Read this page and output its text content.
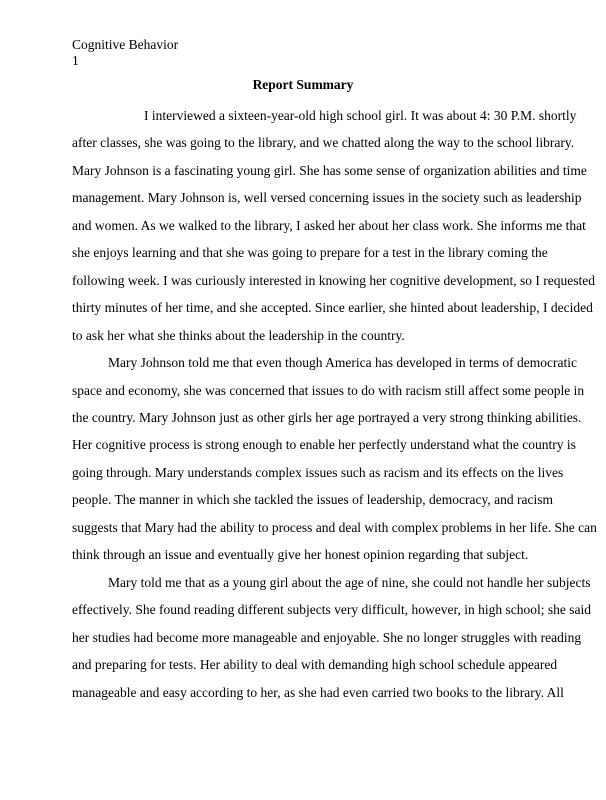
Cognitive Behavior
1
Report Summary

I interviewed a sixteen-year-old high school girl. It was about 4: 30 P.M. shortly
after classes, she was going to the library, and we chatted along the way to the school library.
Mary Johnson is a fascinating young girl. She has some sense of organization abilities and time
management. Mary Johnson is, well versed concerning issues in the society such as leadership
and women. As we walked to the library, I asked her about her class work. She informs me that
she enjoys learning and that she was going to prepare for a test in the library coming the
following week. I was curiously interested in knowing her cognitive development, so I requested
thirty minutes of her time, and she accepted. Since earlier, she hinted about leadership, I decided
to ask her what she thinks about the leadership in the country.

Mary Johnson told me that even though America has developed in terms of democratic
space and economy, she was concerned that issues to do with racism still affect some people in
the country. Mary Johnson just as other girls her age portrayed a very strong thinking abilities.
Her cognitive process is strong enough to enable her perfectly understand what the country is
going through. Mary understands complex issues such as racism and its effects on the lives
people. The manner in which she tackled the issues of leadership, democracy, and racism
suggests that Mary had the ability to process and deal with complex problems in her life. She can
think through an issue and eventually give her honest opinion regarding that subject.

Mary told me that as a young girl about the age of nine, she could not handle her subjects
effectively. She found reading different subjects very difficult, however, in high school; she said
her studies had become more manageable and enjoyable. She no longer struggles with reading
and preparing for tests. Her ability to deal with demanding high school schedule appeared
manageable and easy according to her, as she had even carried two books to the library. All
